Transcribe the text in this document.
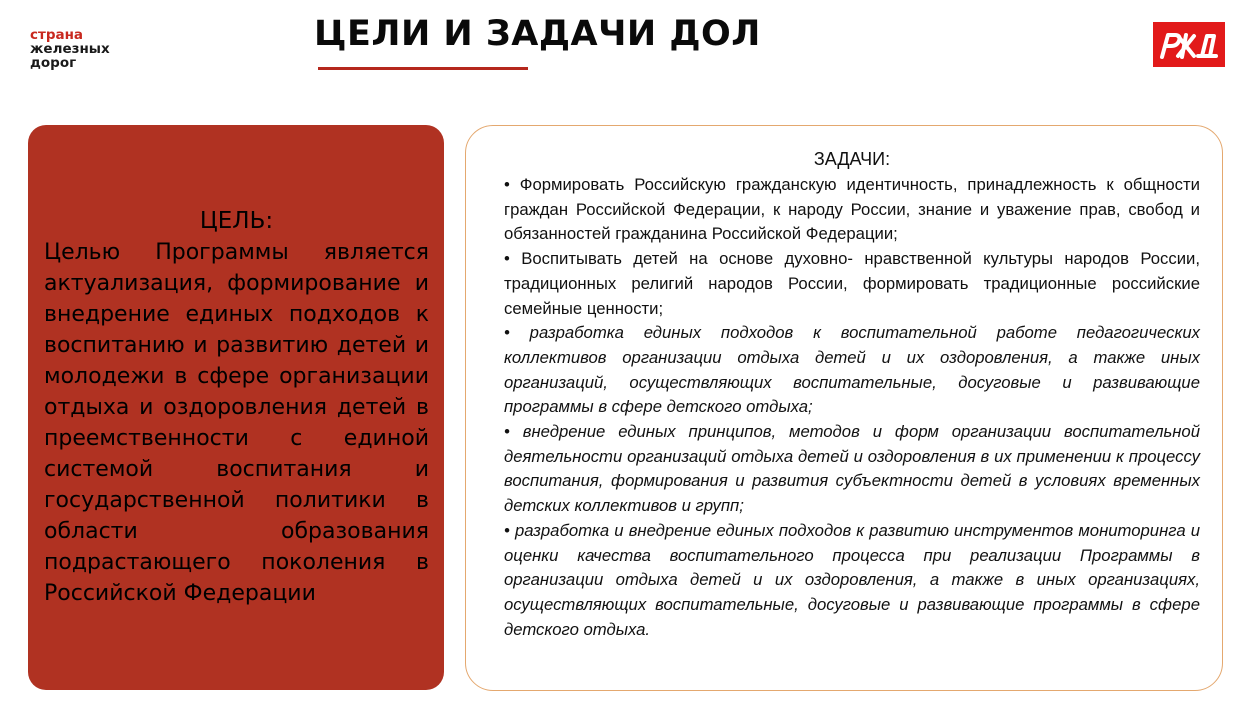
страна
железных
дорог
ЦЕЛИ И ЗАДАЧИ ДОЛ

ЦЕЛЬ:

Целью Программы является актуализация, формирование и внедрение единых подходов к воспитанию и развитию детей и молодежи в сфере организации отдыха и оздоровления детей в преемственности с единой системой воспитания и государственной политики в области образования подрастающего поколения в Российской Федерации

ЗАДАЧИ:

• Формировать Российскую гражданскую идентичность, принадлежность к общности граждан Российской Федерации, к народу России, знание и уважение прав, свобод и обязанностей гражданина Российской Федерации;

• Воспитывать детей на основе духовно- нравственной культуры народов России, традиционных религий народов России, формировать традиционные российские семейные ценности;

• разработка единых подходов к воспитательной работе педагогических коллективов организации отдыха детей и их оздоровления, а также иных организаций, осуществляющих воспитательные, досуговые и развивающие программы в сфере детского отдыха;

• внедрение единых принципов, методов и форм организации воспитательной деятельности организаций отдыха детей и оздоровления в их применении к процессу воспитания, формирования и развития субъектности детей в условиях временных детских коллективов и групп;

• разработка и внедрение единых подходов к развитию инструментов мониторинга и оценки качества воспитательного процесса при реализации Программы в организации отдыха детей и их оздоровления, а также в иных организациях, осуществляющих воспитательные, досуговые и развивающие программы в сфере детского отдыха.
